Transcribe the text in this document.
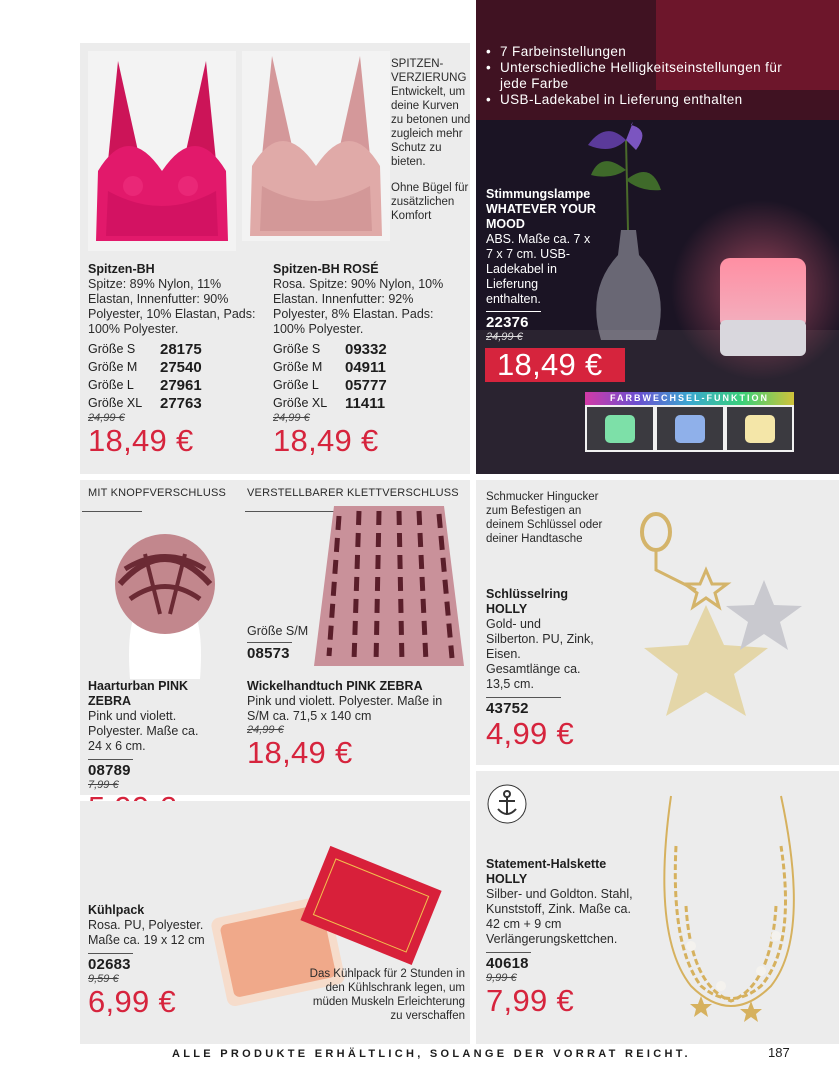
SPITZEN-VERZIERUNG
Entwickelt, um deine Kurven zu betonen und zugleich mehr Schutz zu bieten.
Ohne Bügel für zusätzlichen Komfort
Spitzen-BH
Spitze: 89% Nylon, 11% Elastan, Innenfutter: 90% Polyester, 10% Elastan, Pads: 100% Polyester.
Größe S	28175
Größe M	27540
Größe L	27961
Größe XL	27763
24,99 €
18,49 €
Spitzen-BH ROSÉ
Rosa. Spitze: 90% Nylon, 10% Elastan. Innenfutter: 92% Polyester, 8% Elastan. Pads: 100% Polyester.
Größe S	09332
Größe M	04911
Größe L	05777
Größe XL	11411
24,99 €
18,49 €
• 7 Farbeinstellungen
• Unterschiedliche Helligkeitseinstellungen für jede Farbe
• USB-Ladekabel in Lieferung enthalten
Stimmungslampe WHATEVER YOUR MOOD
ABS. Maße ca. 7 x 7 x 7 cm. USB-Ladekabel in Lieferung enthalten.
22376
24,99 €
18,49 €
FARBWECHSEL-FUNKTION
MIT KNOPFVERSCHLUSS VERSTELLBARER KLETTVERSCHLUSS
Größe S/M
08573
Haarturban PINK ZEBRA
Pink und violett. Polyester. Maße ca. 24 x 6 cm.
08789
7,99 €
Wickelhandtuch PINK ZEBRA
Pink und violett. Polyester. Maße in S/M ca. 71,5 x 140 cm
24,99 €
18,49 €
Schmucker Hingucker zum Befestigen an deinem Schlüssel oder deiner Handtasche
Schlüsselring HOLLY
Gold- und Silberton. PU, Zink, Eisen. Gesamtlänge ca. 13,5 cm.
43752
4,99 €
Kühlpack
Rosa. PU, Polyester. Maße ca. 19 x 12 cm
02683
9,59 €
6,99 €
Das Kühlpack für 2 Stunden in den Kühlschrank legen, um müden Muskeln Erleichterung zu verschaffen
Statement-Halskette HOLLY
Silber- und Goldton. Stahl, Kunststoff, Zink. Maße ca. 42 cm + 9 cm Verlängerungskettchen.
40618
9,99 €
7,99 €
ALLE PRODUKTE ERHÄLTLICH, SOLANGE DER VORRAT REICHT.	187
